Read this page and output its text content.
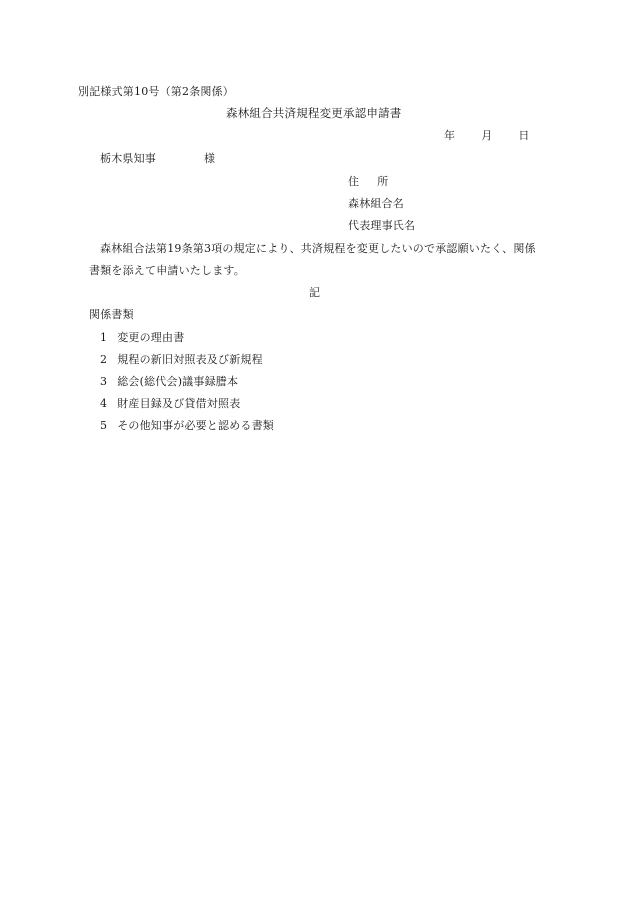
別記様式第10号（第2条関係）
森林組合共済規程変更承認申請書
年 月 日
栃木県知事	様
住 所
森林組合名
代表理事氏名
森林組合法第19条第3項の規定により、共済規程を変更したいので承認願いたく、関係
書類を添えて申請いたします。
記
関係書類
1 変更の理由書
2 規程の新旧対照表及び新規程
3 総会(総代会)議事録謄本
4 財産目録及び貸借対照表
5 その他知事が必要と認める書類
